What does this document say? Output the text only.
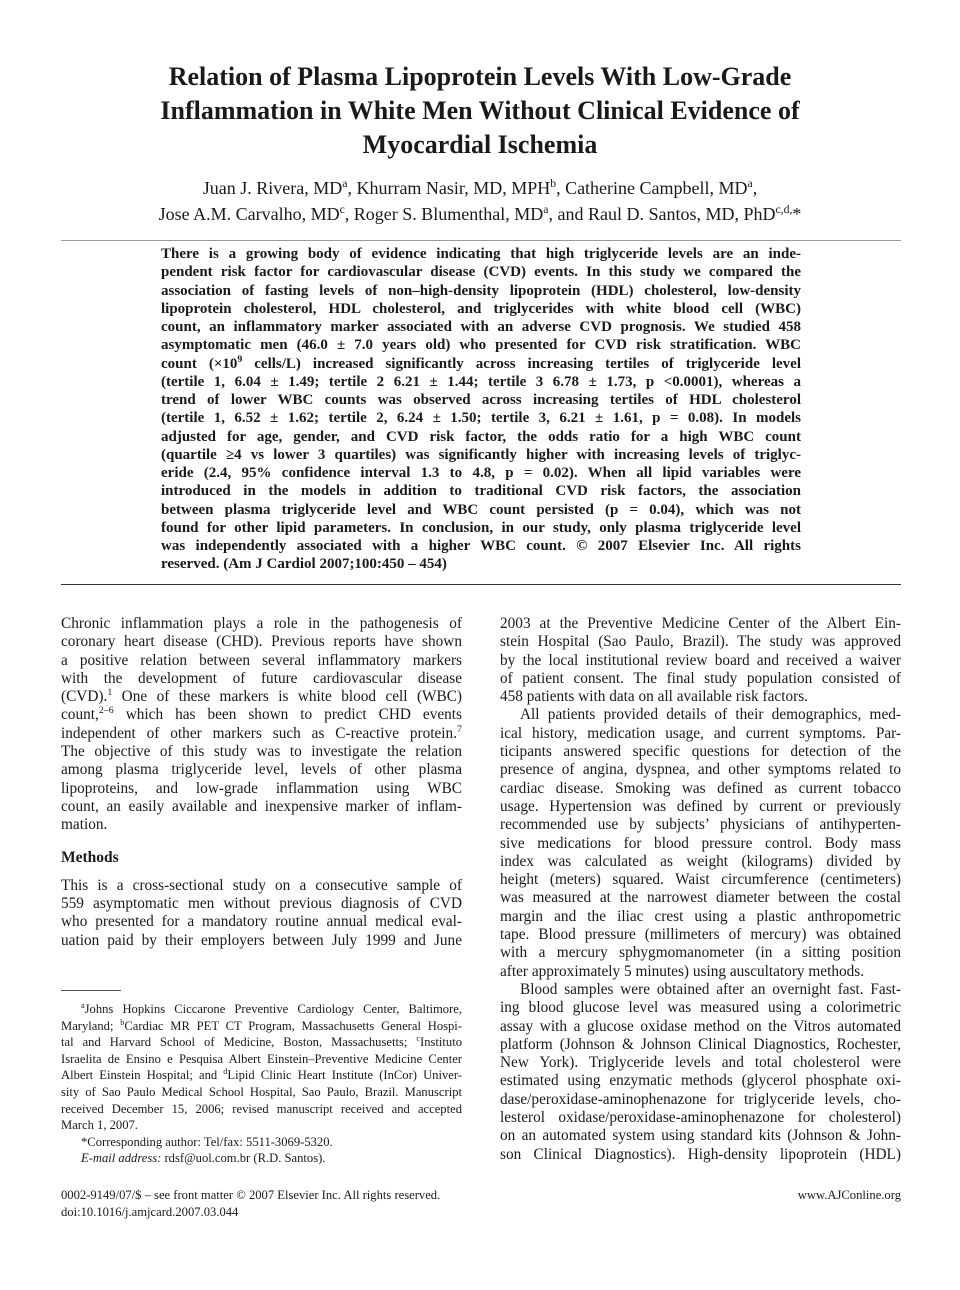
Relation of Plasma Lipoprotein Levels With Low-Grade
Inflammation in White Men Without Clinical Evidence of
Myocardial Ischemia
Juan J. Rivera, $MD^a$, Khurram Nasir, MD, MPH$^b$, Catherine Campbell, $MD^a$,
Jose A.M. Carvalho, $MD^c$, Roger S. Blumenthal, $MD^a$, and Raul D. Santos, MD, PhD$^{c,d,}$*
There is a growing body of evidence indicating that high triglyceride levels are an inde-
pendent risk factor for cardiovascular disease (CVD) events. In this study we compared the
association of fasting levels of non–high-density lipoprotein (HDL) cholesterol, low-density
lipoprotein cholesterol, HDL cholesterol, and triglycerides with white blood cell (WBC)
count, an inflammatory marker associated with an adverse CVD prognosis. We studied 458
asymptomatic men (46.0 ± 7.0 years old) who presented for CVD risk stratification. WBC
count ($\times 10^9$ cells/L) increased significantly across increasing tertiles of triglyceride level
(tertile 1, 6.04 ± 1.49; tertile 2 6.21 ± 1.44; tertile 3 6.78 ± 1.73, p <0.0001), whereas a
trend of lower WBC counts was observed across increasing tertiles of HDL cholesterol
(tertile 1, 6.52 ± 1.62; tertile 2, 6.24 ± 1.50; tertile 3, 6.21 ± 1.61, p = 0.08). In models
adjusted for age, gender, and CVD risk factor, the odds ratio for a high WBC count
(quartile ≥4 vs lower 3 quartiles) was significantly higher with increasing levels of triglyc-
eride (2.4, 95% confidence interval 1.3 to 4.8, p = 0.02). When all lipid variables were
introduced in the models in addition to traditional CVD risk factors, the association
between plasma triglyceride level and WBC count persisted (p = 0.04), which was not
found for other lipid parameters. In conclusion, in our study, only plasma triglyceride level
was independently associated with a higher WBC count. © 2007 Elsevier Inc. All rights
reserved. (Am J Cardiol 2007;100:450 – 454)

Chronic inflammation plays a role in the pathogenesis of
coronary heart disease (CHD). Previous reports have shown
a positive relation between several inflammatory markers
with the development of future cardiovascular disease
(CVD).$^1$ One of these markers is white blood cell (WBC)
count,$^{2-6}$ which has been shown to predict CHD events
independent of other markers such as C-reactive protein.$^7$
The objective of this study was to investigate the relation
among plasma triglyceride level, levels of other plasma
lipoproteins, and low-grade inflammation using WBC
count, an easily available and inexpensive marker of inflam-
mation.

Methods

This is a cross-sectional study on a consecutive sample of
559 asymptomatic men without previous diagnosis of CVD
who presented for a mandatory routine annual medical eval-
uation paid by their employers between July 1999 and June

2003 at the Preventive Medicine Center of the Albert Ein-
stein Hospital (Sao Paulo, Brazil). The study was approved
by the local institutional review board and received a waiver
of patient consent. The final study population consisted of
458 patients with data on all available risk factors.

All patients provided details of their demographics, med-
ical history, medication usage, and current symptoms. Par-
ticipants answered specific questions for detection of the
presence of angina, dyspnea, and other symptoms related to
cardiac disease. Smoking was defined as current tobacco
usage. Hypertension was defined by current or previously
recommended use by subjects’ physicians of antihyperten-
sive medications for blood pressure control. Body mass
index was calculated as weight (kilograms) divided by
height (meters) squared. Waist circumference (centimeters)
was measured at the narrowest diameter between the costal
margin and the iliac crest using a plastic anthropometric
tape. Blood pressure (millimeters of mercury) was obtained
with a mercury sphygmomanometer (in a sitting position
after approximately 5 minutes) using auscultatory methods.

Blood samples were obtained after an overnight fast. Fast-
ing blood glucose level was measured using a colorimetric
assay with a glucose oxidase method on the Vitros automated
platform (Johnson & Johnson Clinical Diagnostics, Rochester,
New York). Triglyceride levels and total cholesterol were
estimated using enzymatic methods (glycerol phosphate oxi-
dase/peroxidase-aminophenazone for triglyceride levels, cho-
lesterol oxidase/peroxidase-aminophenazone for cholesterol)
on an automated system using standard kits (Johnson & John-
son Clinical Diagnostics). High-density lipoprotein (HDL)

$^a$Johns Hopkins Ciccarone Preventive Cardiology Center, Baltimore,
Maryland; $^b$Cardiac MR PET CT Program, Massachusetts General Hospi-
tal and Harvard School of Medicine, Boston, Massachusetts; $^c$Instituto
Israelita de Ensino e Pesquisa Albert Einstein–Preventive Medicine Center
Albert Einstein Hospital; and $^d$Lipid Clinic Heart Institute (InCor) Univer-
sity of Sao Paulo Medical School Hospital, Sao Paulo, Brazil. Manuscript
received December 15, 2006; revised manuscript received and accepted
March 1, 2007.
*Corresponding author: Tel/fax: 5511-3069-5320.
E-mail address: rdsf@uol.com.br (R.D. Santos).
0002-9149/07/$ – see front matter © 2007 Elsevier Inc. All rights reserved.
doi:10.1016/j.amjcard.2007.03.044
www.AJConline.org
